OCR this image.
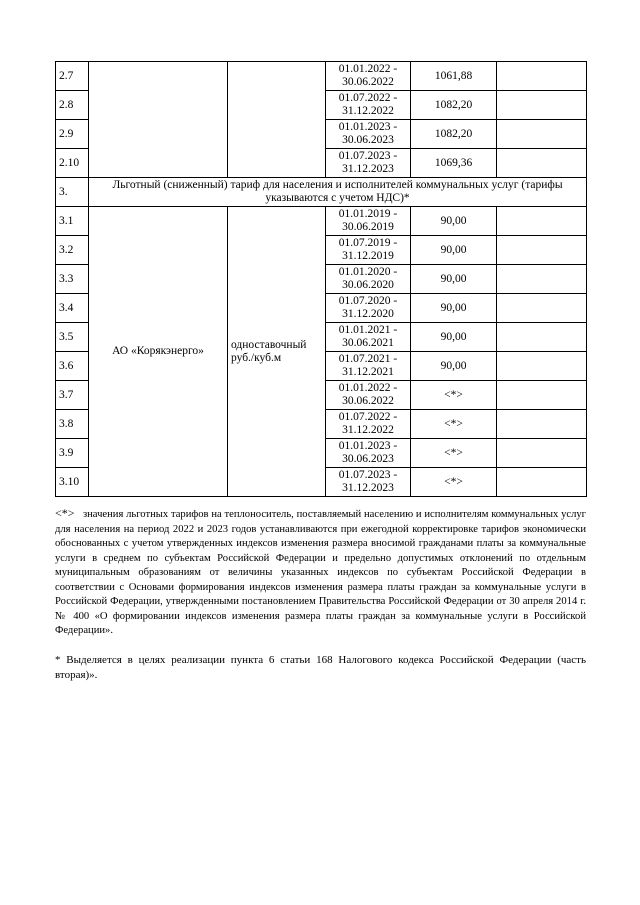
2.7			01.01.2022 - 30.06.2022	1061,88	
2.8			01.07.2022 - 31.12.2022	1082,20	
2.9			01.01.2023 - 30.06.2023	1082,20	
2.10			01.07.2023 - 31.12.2023	1069,36	
3.	Льготный (сниженный) тариф для населения и исполнителей коммунальных услуг (тарифы указываются с учетом НДС)*				
3.1	АО «Корякэнерго»	одноставочный руб./куб.м	01.01.2019 - 30.06.2019	90,00	
3.2			01.07.2019 - 31.12.2019	90,00	
3.3			01.01.2020 - 30.06.2020	90,00	
3.4			01.07.2020 - 31.12.2020	90,00	
3.5			01.01.2021 - 30.06.2021	90,00	
3.6			01.07.2021 - 31.12.2021	90,00	
3.7			01.01.2022 - 30.06.2022	<*>	
3.8			01.07.2022 - 31.12.2022	<*>	
3.9			01.01.2023 - 30.06.2023	<*>	
3.10			01.07.2023 - 31.12.2023	<*>	

<*> значения льготных тарифов на теплоноситель, поставляемый населению и исполнителям коммунальных услуг для населения на период 2022 и 2023 годов устанавливаются при ежегодной корректировке тарифов экономически обоснованных с учетом утвержденных индексов изменения размера вносимой гражданами платы за коммунальные услуги в среднем по субъектам Российской Федерации и предельно допустимых отклонений по отдельным муниципальным образованиям от величины указанных индексов по субъектам Российской Федерации в соответствии с Основами формирования индексов изменения размера платы граждан за коммунальные услуги в Российской Федерации, утвержденными постановлением Правительства Российской Федерации от 30 апреля 2014 г. № 400 «О формировании индексов изменения размера платы граждан за коммунальные услуги в Российской Федерации».

* Выделяется в целях реализации пункта 6 статьи 168 Налогового кодекса Российской Федерации (часть вторая)».
